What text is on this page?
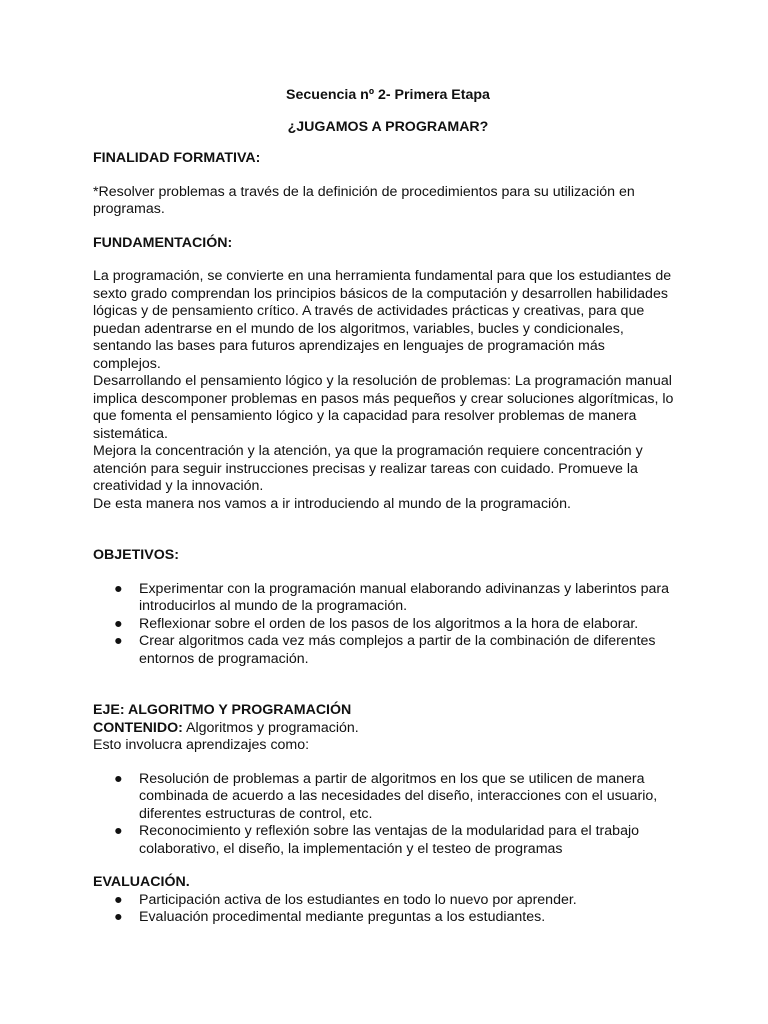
Secuencia nº 2- Primera Etapa
¿JUGAMOS A PROGRAMAR?
FINALIDAD FORMATIVA:

*Resolver problemas a través de la definición de procedimientos para su utilización en programas.

FUNDAMENTACIÓN:

La programación, se convierte en una herramienta fundamental para que los estudiantes de

sexto grado comprendan los principios básicos de la computación y desarrollen habilidades

lógicas y de pensamiento crítico. A través de actividades prácticas y creativas, para que

puedan adentrarse en el mundo de los algoritmos, variables, bucles y condicionales,

sentando las bases para futuros aprendizajes en lenguajes de programación más

complejos.

Desarrollando el pensamiento lógico y la resolución de problemas: La programación manual

implica descomponer problemas en pasos más pequeños y crear soluciones algorítmicas, lo

que fomenta el pensamiento lógico y la capacidad para resolver problemas de manera

sistemática.

Mejora la concentración y la atención, ya que la programación requiere concentración y

atención para seguir instrucciones precisas y realizar tareas con cuidado. Promueve la

creatividad y la innovación.

De esta manera nos vamos a ir introduciendo al mundo de la programación.

OBJETIVOS:
● Experimentar con la programación manual elaborando adivinanzas y laberintos para introducirlos al mundo de la programación.
● Reflexionar sobre el orden de los pasos de los algoritmos a la hora de elaborar.
● Crear algoritmos cada vez más complejos a partir de la combinación de diferentes entornos de programación.
EJE: ALGORITMO Y PROGRAMACIÓN

CONTENIDO: Algoritmos y programación.

Esto involucra aprendizajes como:

● Resolución de problemas a partir de algoritmos en los que se utilicen de manera combinada de acuerdo a las necesidades del diseño, interacciones con el usuario, diferentes estructuras de control, etc.
● Reconocimiento y reflexión sobre las ventajas de la modularidad para el trabajo colaborativo, el diseño, la implementación y el testeo de programas
EVALUACIÓN.
● Participación activa de los estudiantes en todo lo nuevo por aprender.
● Evaluación procedimental mediante preguntas a los estudiantes.
